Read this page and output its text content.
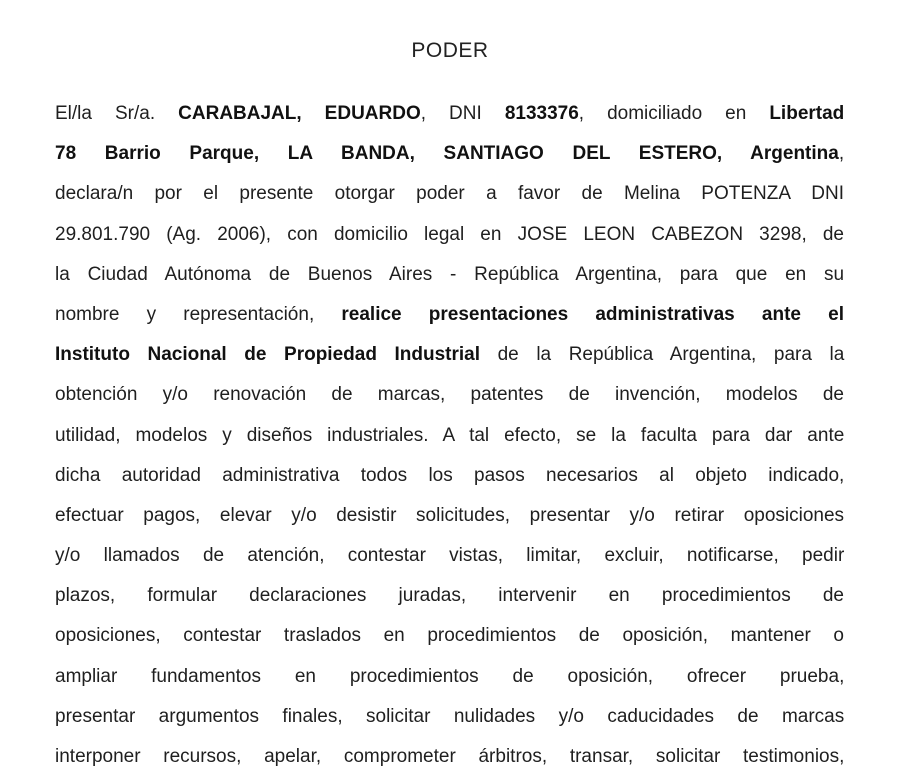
PODER
El/la Sr/a. CARABAJAL, EDUARDO, DNI 8133376, domiciliado en Libertad
78 Barrio Parque, LA BANDA, SANTIAGO DEL ESTERO, Argentina,
declara/n por el presente otorgar poder a favor de Melina POTENZA DNI
29.801.790 (Ag. 2006), con domicilio legal en JOSE LEON CABEZON 3298, de
la Ciudad Autónoma de Buenos Aires - República Argentina, para que en su
nombre y representación, realice presentaciones administrativas ante el
Instituto Nacional de Propiedad Industrial de la República Argentina, para la
obtención y/o renovación de marcas, patentes de invención, modelos de
utilidad, modelos y diseños industriales. A tal efecto, se la faculta para dar ante
dicha autoridad administrativa todos los pasos necesarios al objeto indicado,
efectuar pagos, elevar y/o desistir solicitudes, presentar y/o retirar oposiciones
y/o llamados de atención, contestar vistas, limitar, excluir, notificarse, pedir
plazos, formular declaraciones juradas, intervenir en procedimientos de
oposiciones, contestar traslados en procedimientos de oposición, mantener o
ampliar fundamentos en procedimientos de oposición, ofrecer prueba,
presentar argumentos finales, solicitar nulidades y/o caducidades de marcas
interponer recursos, apelar, comprometer árbitros, transar, solicitar testimonios,
